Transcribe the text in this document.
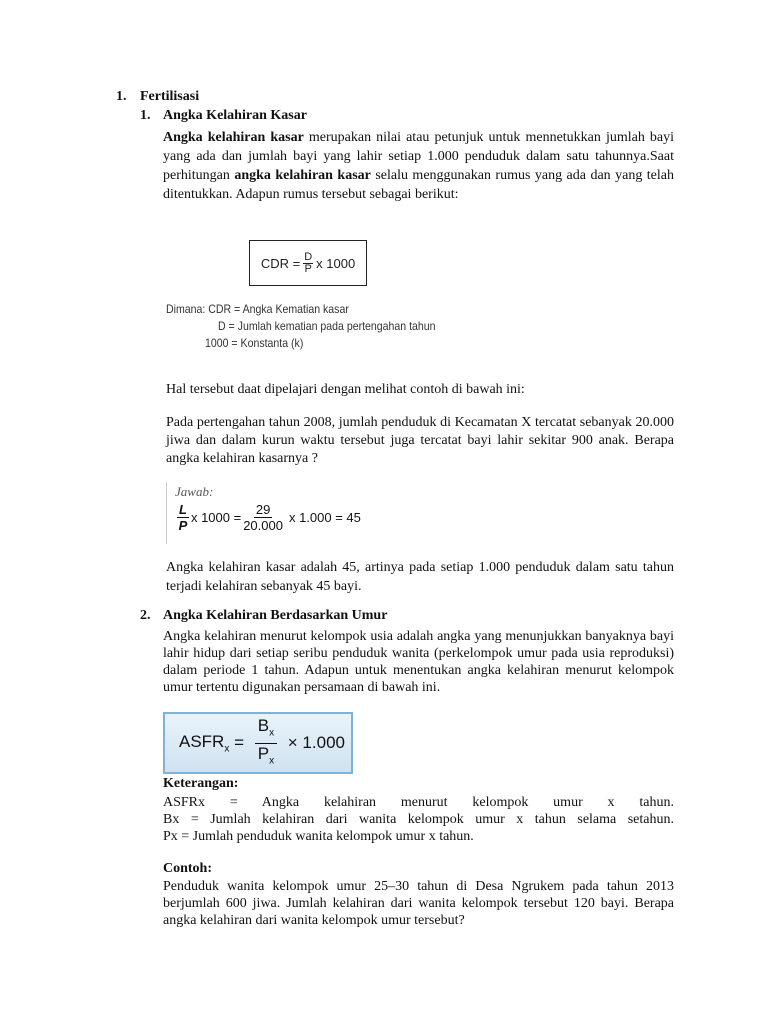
1. Fertilisasi
1. Angka Kelahiran Kasar
Angka kelahiran kasar merupakan nilai atau petunjuk untuk mennetukkan jumlah bayi yang ada dan jumlah bayi yang lahir setiap 1.000 penduduk dalam satu tahunnya.Saat perhitungan angka kelahiran kasar selalu menggunakan rumus yang ada dan yang telah ditentukkan. Adapun rumus tersebut sebagai berikut:
CDR = $\frac{D}{P}$ x 1000
Dimana: CDR = Angka Kematian kasar
D = Jumlah kematian pada pertengahan tahun
1000 = Konstanta (k)
Hal tersebut daat dipelajari dengan melihat contoh di bawah ini:
Pada pertengahan tahun 2008, jumlah penduduk di Kecamatan X tercatat sebanyak 20.000 jiwa dan dalam kurun waktu tersebut juga tercatat bayi lahir sekitar 900 anak. Berapa angka kelahiran kasarnya ?
Jawab:
$\frac{L}{P}$ x $1000 = \frac{29}{20.000}$ x 1.000 = 45
Angka kelahiran kasar adalah 45, artinya pada setiap 1.000 penduduk dalam satu tahun terjadi kelahiran sebanyak 45 bayi.
2. Angka Kelahiran Berdasarkan Umur
Angka kelahiran menurut kelompok usia adalah angka yang menunjukkan banyaknya bayi lahir hidup dari setiap seribu penduduk wanita (perkelompok umur pada usia reproduksi) dalam periode 1 tahun. Adapun untuk menentukan angka kelahiran menurut kelompok umur tertentu digunakan persamaan di bawah ini.
$ASFR_x = \frac{B_x}{P_x} \times 1.000$
Keterangan:
ASFRx = Angka kelahiran menurut kelompok umur x tahun.
Bx = Jumlah kelahiran dari wanita kelompok umur x tahun selama setahun.
Px = Jumlah penduduk wanita kelompok umur x tahun.
Contoh:
Penduduk wanita kelompok umur 25–30 tahun di Desa Ngrukem pada tahun 2013 berjumlah 600 jiwa. Jumlah kelahiran dari wanita kelompok tersebut 120 bayi. Berapa angka kelahiran dari wanita kelompok umur tersebut?
